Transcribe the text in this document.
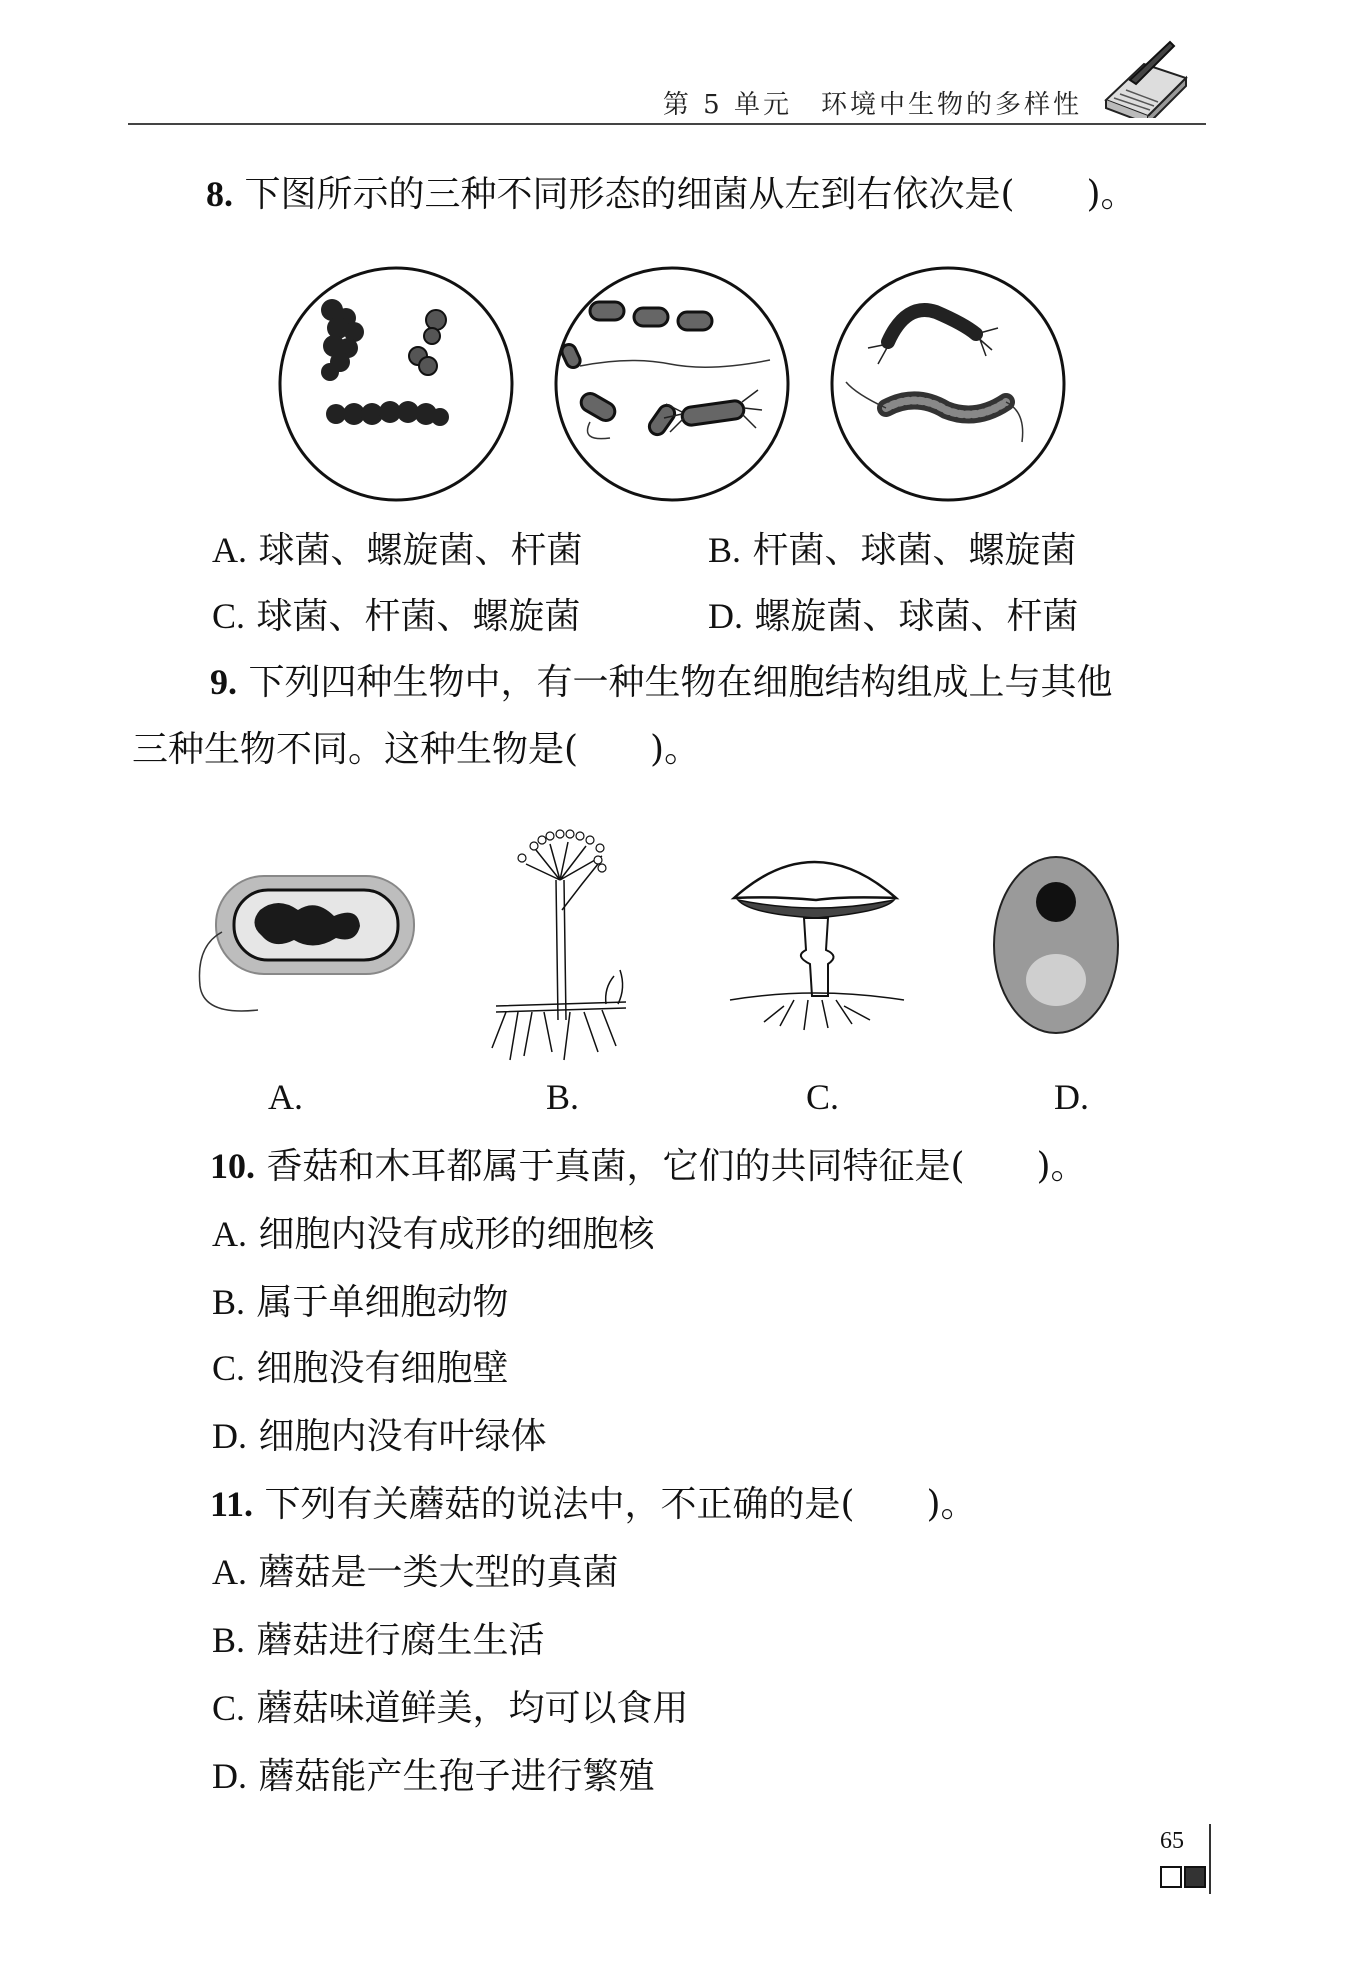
第 5 单元　环境中生物的多样性
8. 下图所示的三种不同形态的细菌从左到右依次是(　　)。
A. 球菌、螺旋菌、杆菌	B. 杆菌、球菌、螺旋菌
C. 球菌、杆菌、螺旋菌	D. 螺旋菌、球菌、杆菌
9. 下列四种生物中，有一种生物在细胞结构组成上与其他
三种生物不同。这种生物是(　　)。
A.	B.	C.	D.
10. 香菇和木耳都属于真菌，它们的共同特征是(　　)。
A. 细胞内没有成形的细胞核
B. 属于单细胞动物
C. 细胞没有细胞壁
D. 细胞内没有叶绿体
11. 下列有关蘑菇的说法中，不正确的是(　　)。
A. 蘑菇是一类大型的真菌
B. 蘑菇进行腐生生活
C. 蘑菇味道鲜美，均可以食用
D. 蘑菇能产生孢子进行繁殖
65
